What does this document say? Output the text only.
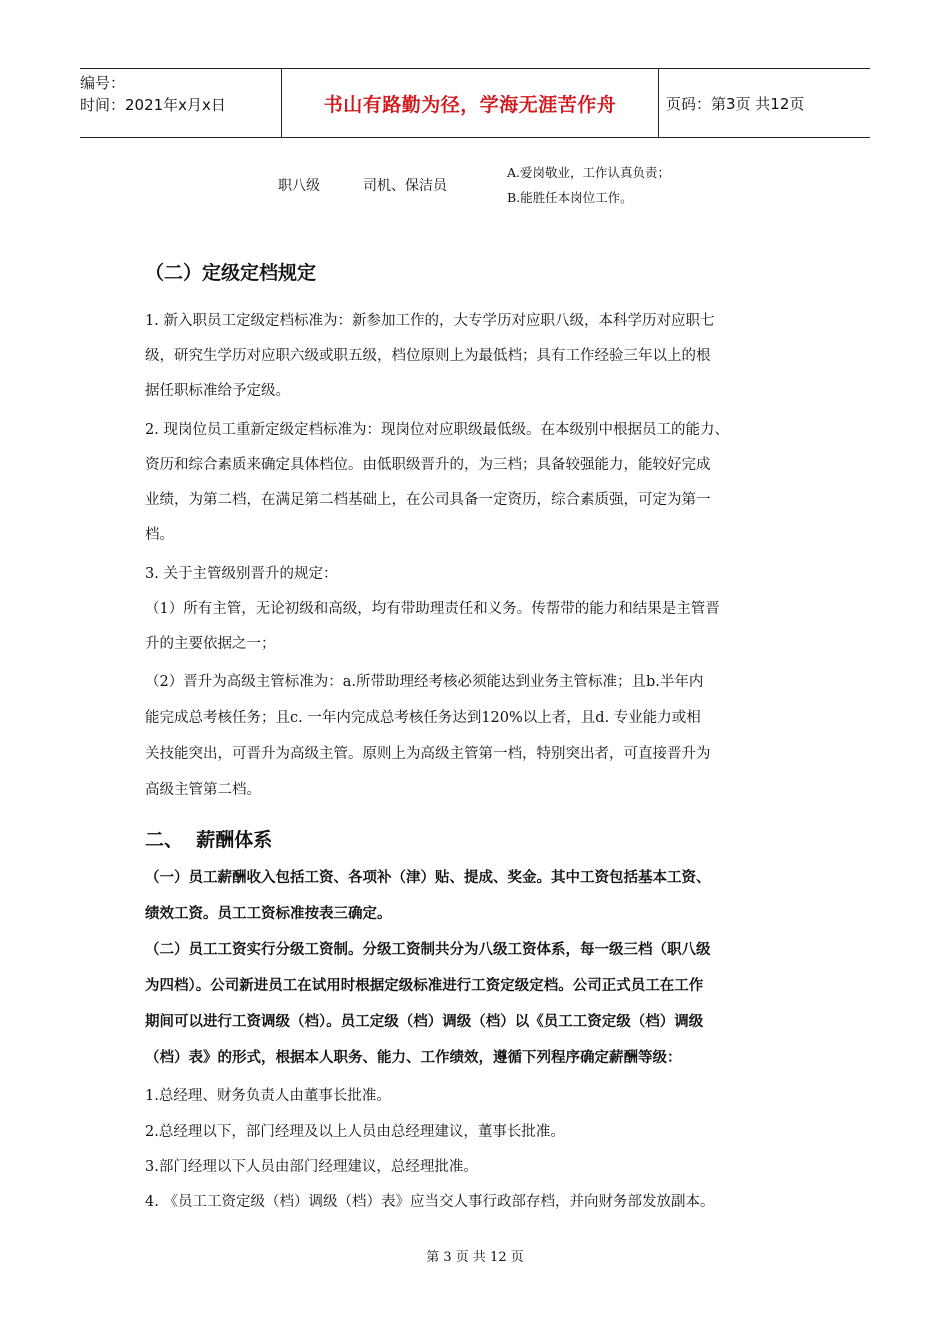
编号：
时间：2021年x月x日	书山有路勤为径，学海无涯苦作舟	页码：第3页 共12页
职八级	司机、保洁员
A.爱岗敬业，工作认真负责；
B.能胜任本岗位工作。
（二）定级定档规定
1. 新入职员工定级定档标准为：新参加工作的，大专学历对应职八级，本科学历对应职七
级，研究生学历对应职六级或职五级，档位原则上为最低档；具有工作经验三年以上的根
据任职标准给予定级。
2. 现岗位员工重新定级定档标准为：现岗位对应职级最低级。在本级别中根据员工的能力、
资历和综合素质来确定具体档位。由低职级晋升的，为三档；具备较强能力，能较好完成
业绩，为第二档，在满足第二档基础上，在公司具备一定资历，综合素质强，可定为第一
档。
3. 关于主管级别晋升的规定：
（1）所有主管，无论初级和高级，均有带助理责任和义务。传帮带的能力和结果是主管晋
升的主要依据之一；
（2）晋升为高级主管标准为：a.所带助理经考核必须能达到业务主管标准；且b.半年内
能完成总考核任务；且c. 一年内完成总考核任务达到120%以上者，且d. 专业能力或相
关技能突出，可晋升为高级主管。原则上为高级主管第一档，特别突出者，可直接晋升为
高级主管第二档。
二、  薪酬体系
（一）员工薪酬收入包括工资、各项补（津）贴、提成、奖金。其中工资包括基本工资、
绩效工资。员工工资标准按表三确定。
（二）员工工资实行分级工资制。分级工资制共分为八级工资体系，每一级三档（职八级
为四档）。公司新进员工在试用时根据定级标准进行工资定级定档。公司正式员工在工作
期间可以进行工资调级（档）。员工定级（档）调级（档）以《员工工资定级（档）调级
（档）表》的形式，根据本人职务、能力、工作绩效，遵循下列程序确定薪酬等级：
1.总经理、财务负责人由董事长批准。
2.总经理以下，部门经理及以上人员由总经理建议，董事长批准。
3.部门经理以下人员由部门经理建议，总经理批准。
4. 《员工工资定级（档）调级（档）表》应当交人事行政部存档，并向财务部发放副本。
第 3 页 共 12 页
